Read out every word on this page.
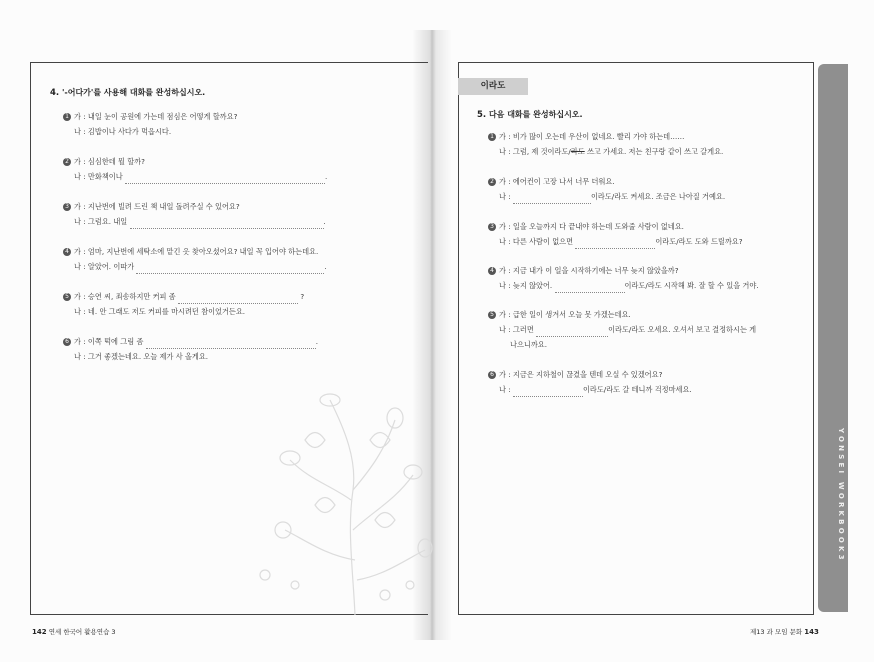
4. '-어다가'를 사용해 대화를 완성하십시오.
1 가 : 내일 눈이 공원에 가는데 점심은 어떻게 할까요?
나 : 김밥이나 사다가 먹읍시다.
2 가 : 심심한데 뭘 할까?
나 : 만화책이나	.
3 가 : 지난번에 빌려 드린 책 내일 돌려주실 수 있어요?
나 : 그럼요. 내일	.
4 가 : 엄마, 지난번에 세탁소에 맡긴 옷 찾아오셨어요? 내일 꼭 입어야 하는데요.
나 : 알았어. 이따가	.
5 가 : 승연 씨, 죄송하지만 커피 좀	?
나 : 네. 안 그래도 저도 커피를 마시려던 참이었거든요.
6 가 : 이쪽 떡에 그림 좀	.
나 : 그거 좋겠는네요. 오늘 제가 사 올게요.
이라도
5. 다음 대화를 완성하십시오.
1 가 : 비가 많이 오는데 우산이 없네요. 빨리 가야 하는데……
나 : 그럼, 제 것이라도/라도 쓰고 가세요. 저는 친구랑 같이 쓰고 갈게요.
2 가 : 에어컨이 고장 나서 너무 더워요.
나 :	이라도/라도 켜세요. 조금은 나아질 거예요.
3 가 : 일을 오늘까지 다 끝내야 하는데 도와줄 사람이 없네요.
나 : 다른 사람이 없으면	이라도/라도 도와 드릴까요?
4 가 : 지금 내가 이 일을 시작하기에는 너무 늦지 않았을까?
나 : 늦지 않았어.	이라도/라도 시작해 봐. 잘 할 수 있을 거야.
5 가 : 급한 일이 생겨서 오늘 못 가겠는데요.
나 : 그러면	이라도/라도 오세요. 오셔서 보고 결정하시는 게
나으니까요.
6 가 : 지금은 지하철이 끊겼을 텐데 오실 수 있겠어요?
나 :	이라도/라도 갈 테니까 걱정마세요.
YONSEI WORKBOOK3
142 연세 한국어 활용연습 3	제13 과 모임 문화 143
